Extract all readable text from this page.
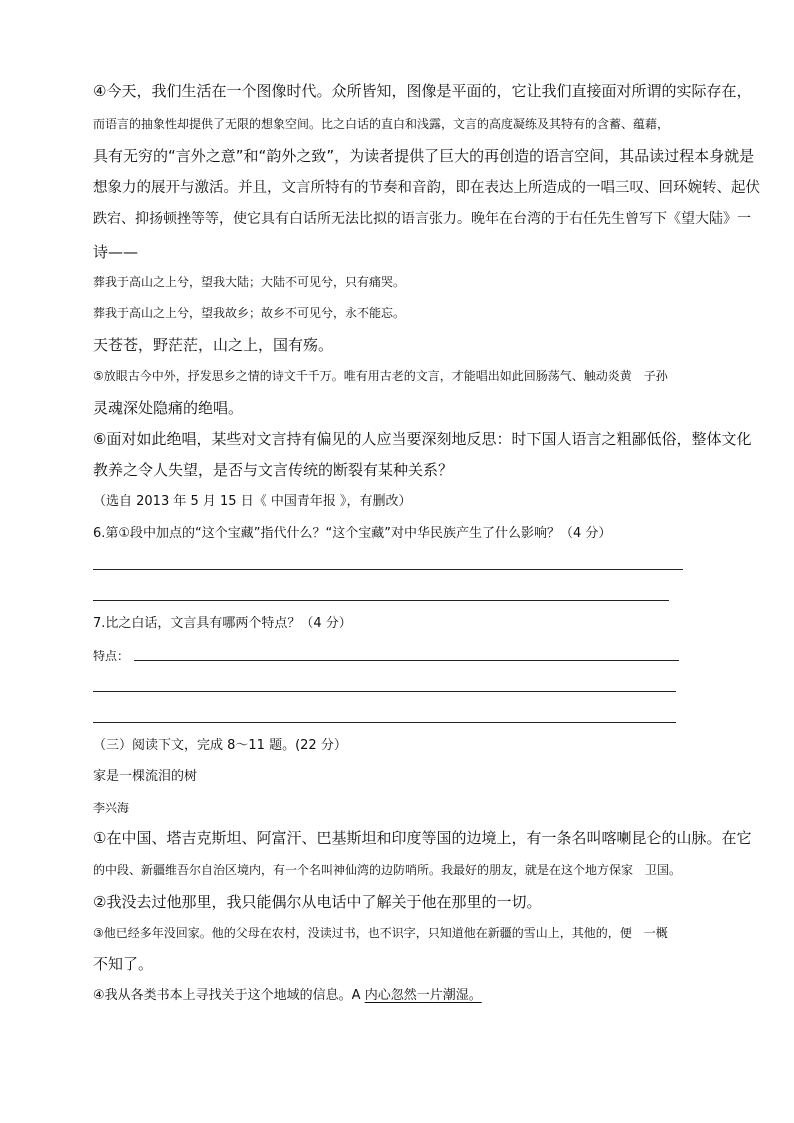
④今天，我们生活在一个图像时代。众所皆知，图像是平面的，它让我们直接面对所谓的实际存在，
而语言的抽象性却提供了无限的想象空间。比之白话的直白和浅露，文言的高度凝练及其特有的含蓄、蕴藉，
具有无穷的“言外之意”和“韵外之致”，为读者提供了巨大的再创造的语言空间，其品读过程本身就是
想象力的展开与激活。并且，文言所特有的节奏和音韵，即在表达上所造成的一唱三叹、回环婉转、起伏
跌宕、抑扬顿挫等等，使它具有白话所无法比拟的语言张力。晚年在台湾的于右任先生曾写下《望大陆》一
诗——
葬我于高山之上兮，望我大陆；大陆不可见兮，只有痛哭。
葬我于高山之上兮，望我故乡；故乡不可见兮，永不能忘。
天苍苍，野茫茫，山之上，国有殇。
⑤放眼古今中外，抒发思乡之情的诗文千千万。唯有用古老的文言，才能唱出如此回肠荡气、触动炎黄　子孙
灵魂深处隐痛的绝唱。
⑥面对如此绝唱，某些对文言持有偏见的人应当要深刻地反思：时下国人语言之粗鄙低俗，整体文化
教养之令人失望，是否与文言传统的断裂有某种关系？
（选自 2013 年 5 月 15 日《 中国青年报 》，有删改）
6.第①段中加点的“这个宝藏”指代什么？“这个宝藏”对中华民族产生了什么影响？（4 分）
7.比之白话，文言具有哪两个特点？（4 分）
特点：
（三）阅读下文，完成 8～11 题。(22 分）
家是一棵流泪的树
李兴海
①在中国、塔吉克斯坦、阿富汗、巴基斯坦和印度等国的边境上，有一条名叫喀喇昆仑的山脉。在它
的中段、新疆维吾尔自治区境内，有一个名叫神仙湾的边防哨所。我最好的朋友，就是在这个地方保家　卫国。
②我没去过他那里，我只能偶尔从电话中了解关于他在那里的一切。
③他已经多年没回家。他的父母在农村，没读过书，也不识字，只知道他在新疆的雪山上，其他的，便　一概
不知了。
④我从各类书本上寻找关于这个地域的信息。A 内心忽然一片潮湿。
